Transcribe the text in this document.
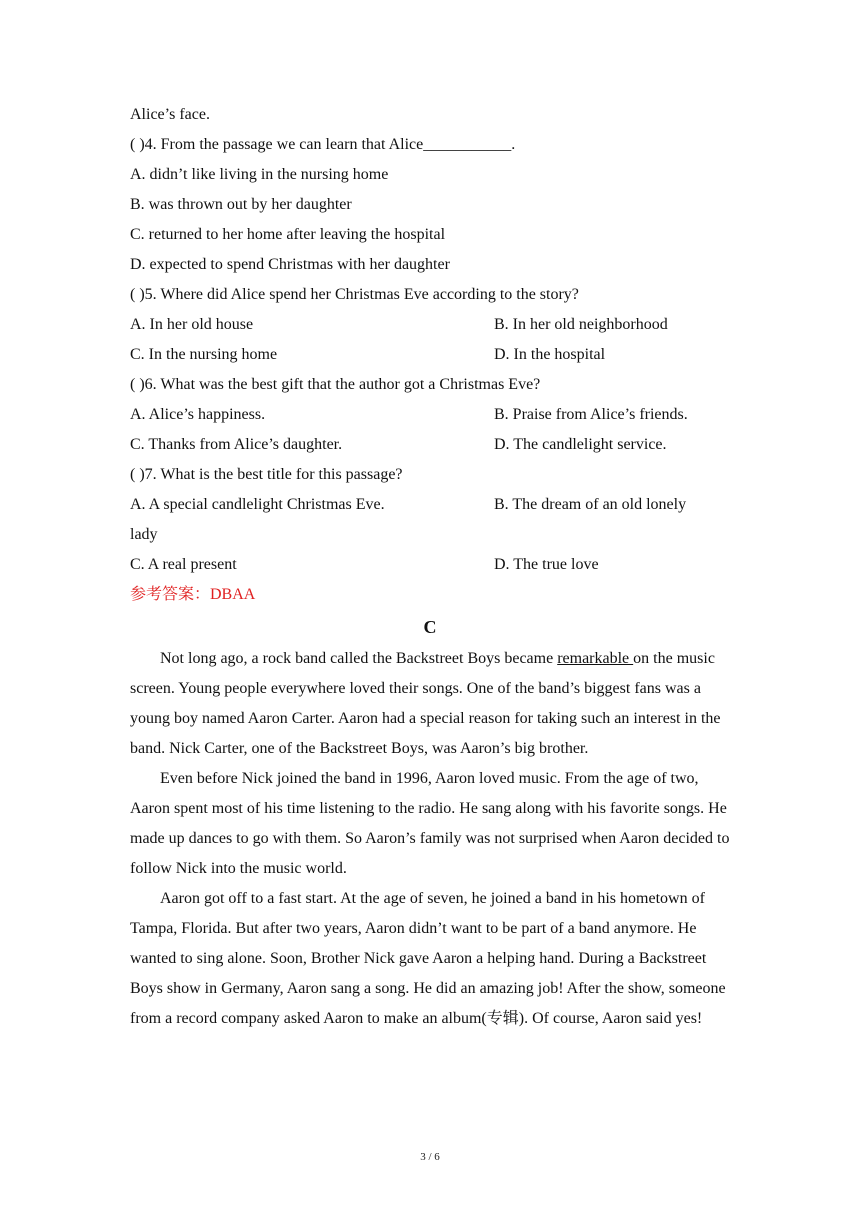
Alice’s face.
( )4. From the passage we can learn that Alice___________.
A. didn’t like living in the nursing home
B. was thrown out by her daughter
C. returned to her home after leaving the hospital
D. expected to spend Christmas with her daughter
( )5. Where did Alice spend her Christmas Eve according to the story?
A. In her old house	B. In her old neighborhood
C. In the nursing home	D. In the hospital
( )6. What was the best gift that the author got a Christmas Eve?
A. Alice’s happiness.	B. Praise from Alice’s friends.
C. Thanks from Alice’s daughter.	D. The candlelight service.
( )7. What is the best title for this passage?
A. A special candlelight Christmas Eve.	B. The dream of an old lonely
lady
C. A real present	D. The true love
参考答案：DBAA
C

Not long ago, a rock band called the Backstreet Boys became remarkable on the music screen. Young people everywhere loved their songs. One of the band’s biggest fans was a young boy named Aaron Carter. Aaron had a special reason for taking such an interest in the band. Nick Carter, one of the Backstreet Boys, was Aaron’s big brother.

Even before Nick joined the band in 1996, Aaron loved music. From the age of two, Aaron spent most of his time listening to the radio. He sang along with his favorite songs. He made up dances to go with them. So Aaron’s family was not surprised when Aaron decided to follow Nick into the music world.

Aaron got off to a fast start. At the age of seven, he joined a band in his hometown of Tampa, Florida. But after two years, Aaron didn’t want to be part of a band anymore. He wanted to sing alone. Soon, Brother Nick gave Aaron a helping hand. During a Backstreet Boys show in Germany, Aaron sang a song. He did an amazing job! After the show, someone from a record company asked Aaron to make an album(专辑). Of course, Aaron said yes!

3 / 6
